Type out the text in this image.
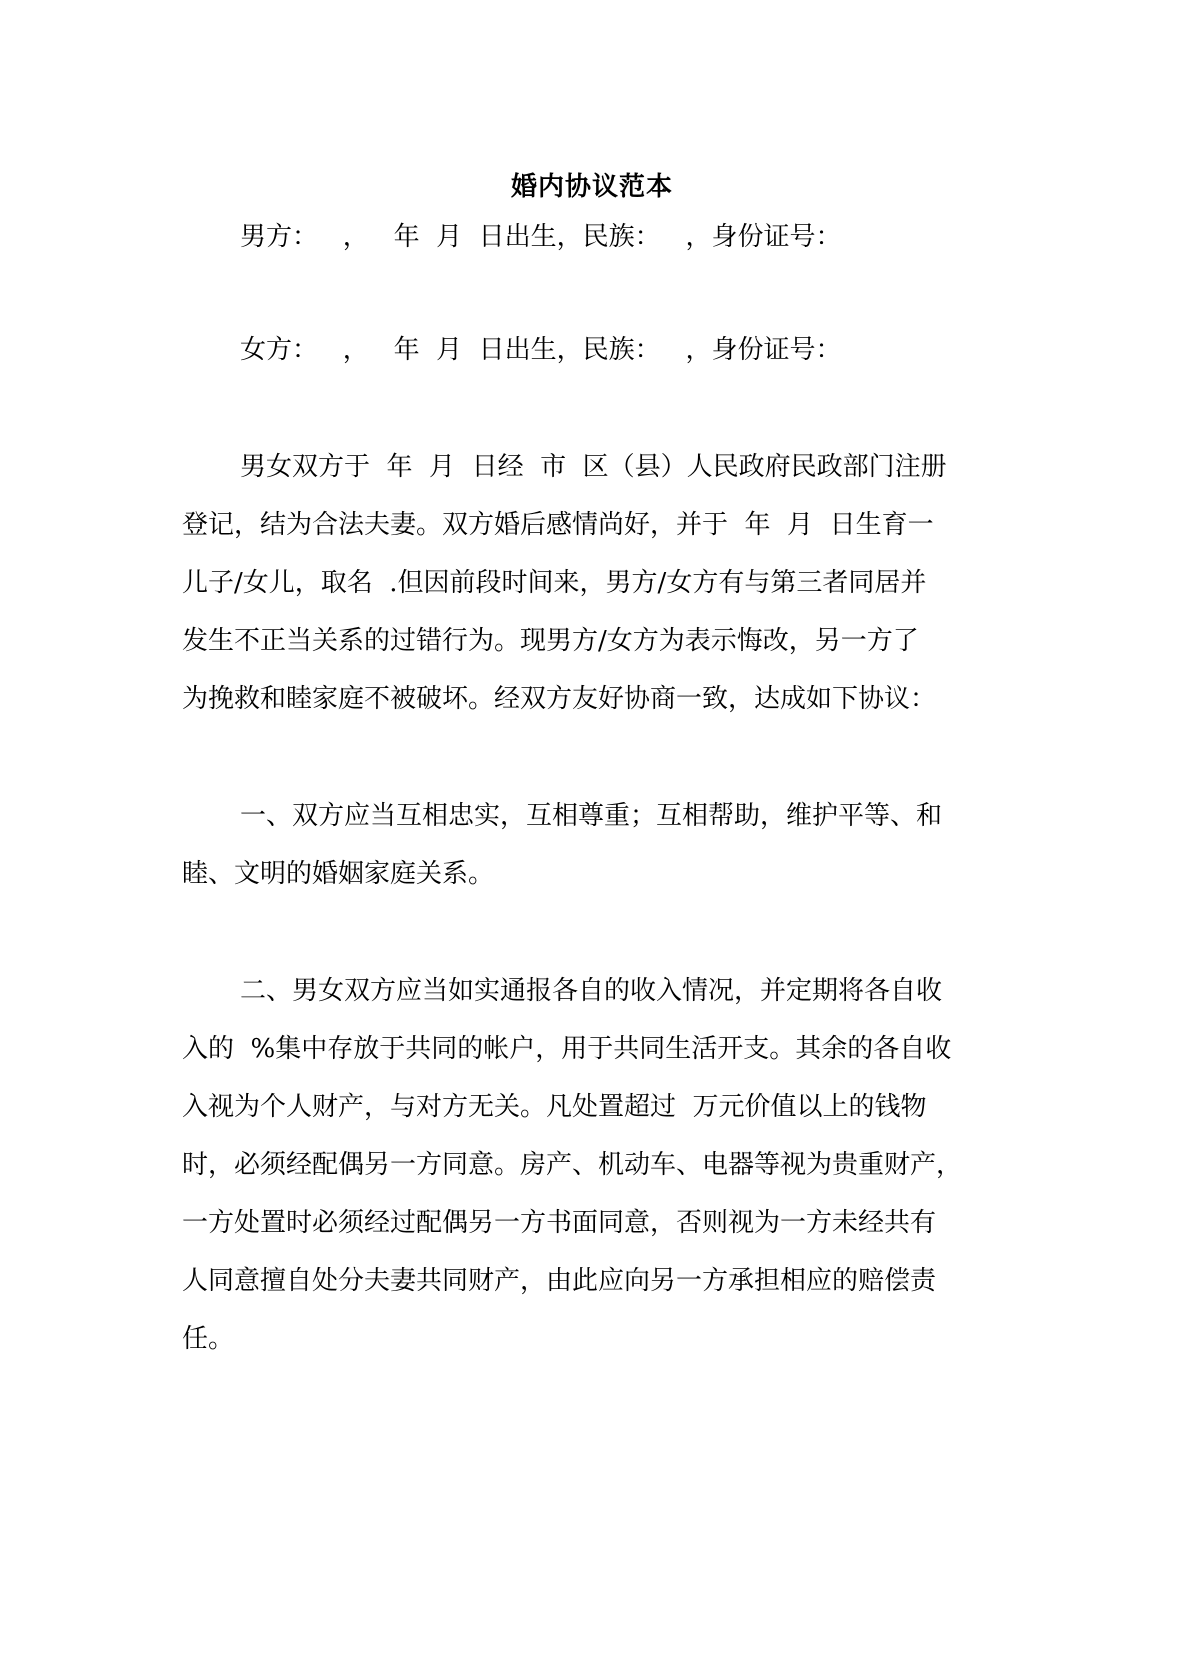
婚内协议范本
男方：   ，   年  月  日出生，民族：   ，身份证号：
女方：   ，   年  月  日出生，民族：   ，身份证号：
男女双方于  年  月  日经  市  区（县）人民政府民政部门注册
登记，结为合法夫妻。双方婚后感情尚好，并于  年  月  日生育一
儿子/女儿，取名  .但因前段时间来，男方/女方有与第三者同居并
发生不正当关系的过错行为。现男方/女方为表示悔改，另一方了
为挽救和睦家庭不被破坏。经双方友好协商一致，达成如下协议：
一、双方应当互相忠实，互相尊重；互相帮助，维护平等、和
睦、文明的婚姻家庭关系。
二、男女双方应当如实通报各自的收入情况，并定期将各自收
入的  %集中存放于共同的帐户，用于共同生活开支。其余的各自收
入视为个人财产，与对方无关。凡处置超过  万元价值以上的钱物
时，必须经配偶另一方同意。房产、机动车、电器等视为贵重财产，
一方处置时必须经过配偶另一方书面同意，否则视为一方未经共有
人同意擅自处分夫妻共同财产，由此应向另一方承担相应的赔偿责
任。
